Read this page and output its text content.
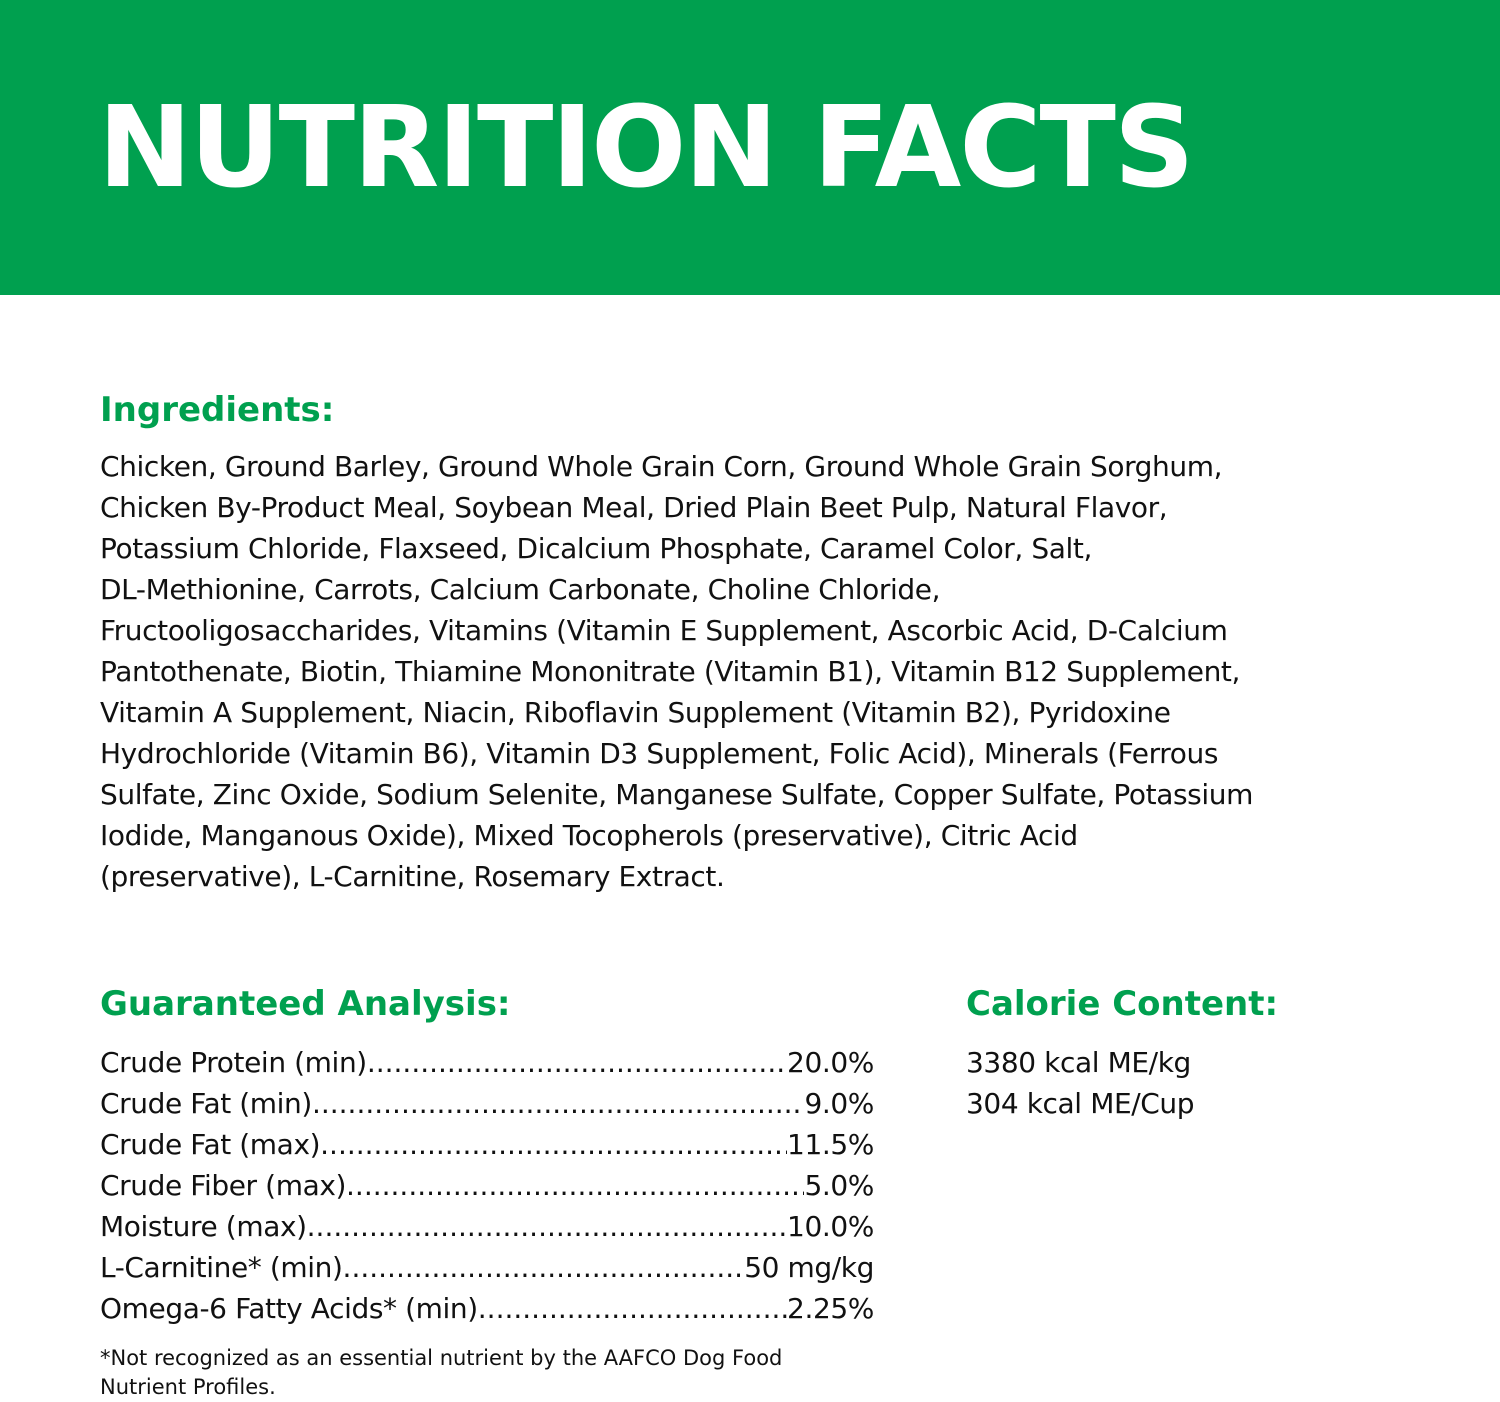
NUTRITION FACTS
Ingredients:

Chicken, Ground Barley, Ground Whole Grain Corn, Ground Whole Grain Sorghum,
Chicken By-Product Meal, Soybean Meal, Dried Plain Beet Pulp, Natural Flavor,
Potassium Chloride, Flaxseed, Dicalcium Phosphate, Caramel Color, Salt,
DL-Methionine, Carrots, Calcium Carbonate, Choline Chloride,
Fructooligosaccharides, Vitamins (Vitamin E Supplement, Ascorbic Acid, D-Calcium
Pantothenate, Biotin, Thiamine Mononitrate (Vitamin B1), Vitamin B12 Supplement,
Vitamin A Supplement, Niacin, Riboflavin Supplement (Vitamin B2), Pyridoxine
Hydrochloride (Vitamin B6), Vitamin D3 Supplement, Folic Acid), Minerals (Ferrous
Sulfate, Zinc Oxide, Sodium Selenite, Manganese Sulfate, Copper Sulfate, Potassium
Iodide, Manganous Oxide), Mixed Tocopherols (preservative), Citric Acid
(preservative), L-Carnitine, Rosemary Extract.

Guaranteed Analysis:
Crude Protein (min) .....	20.0%
Crude Fat (min) .....	9.0%
Crude Fat (max) .....	11.5%
Crude Fiber (max) .....	5.0%
Moisture (max) .....	10.0%
L-Carnitine* (min) .....	50 mg/kg
Omega-6 Fatty Acids* (min) .....	2.25%
Calorie Content:
3380 kcal ME/kg
304 kcal ME/Cup

*Not recognized as an essential nutrient by the AAFCO Dog Food
Nutrient Profiles.
